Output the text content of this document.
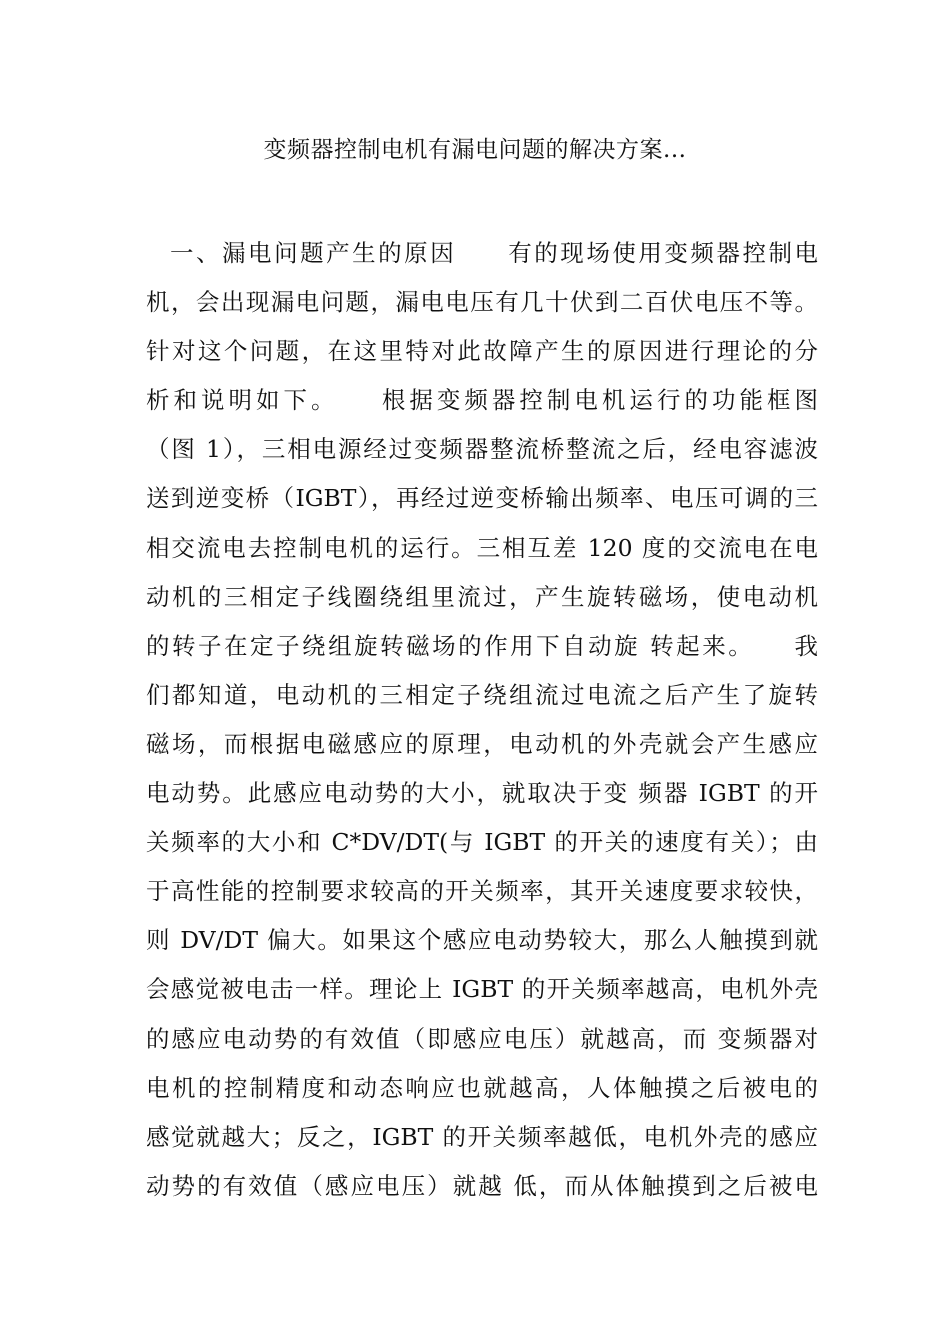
变频器控制电机有漏电问题的解决方案...
一、漏电问题产生的原因　　有的现场使用变频器控制电
机，会出现漏电问题，漏电电压有几十伏到二百伏电压不等。
针对这个问题，在这里特对此故障产生的原因进行理论的分
析和说明如下。　　根据变频器控制电机运行的功能框图
（图 1），三相电源经过变频器整流桥整流之后，经电容滤波
送到逆变桥（IGBT），再经过逆变桥输出频率、电压可调的三
相交流电去控制电机的运行。三相互差 120 度的交流电在电
动机的三相定子线圈绕组里流过，产生旋转磁场，使电动机
的转子在定子绕组旋转磁场的作用下自动旋 转起来。　　我
们都知道，电动机的三相定子绕组流过电流之后产生了旋转
磁场，而根据电磁感应的原理，电动机的外壳就会产生感应
电动势。此感应电动势的大小，就取决于变 频器 IGBT 的开
关频率的大小和 C*DV/DT(与 IGBT 的开关的速度有关）；由
于高性能的控制要求较高的开关频率，其开关速度要求较快，
则 DV/DT 偏大。如果这个感应电动势较大，那么人触摸到就
会感觉被电击一样。理论上 IGBT 的开关频率越高，电机外壳
的感应电动势的有效值（即感应电压）就越高，而 变频器对
电机的控制精度和动态响应也就越高，人体触摸之后被电的
感觉就越大；反之，IGBT 的开关频率越低，电机外壳的感应
动势的有效值（感应电压）就越 低，而从体触摸到之后被电
